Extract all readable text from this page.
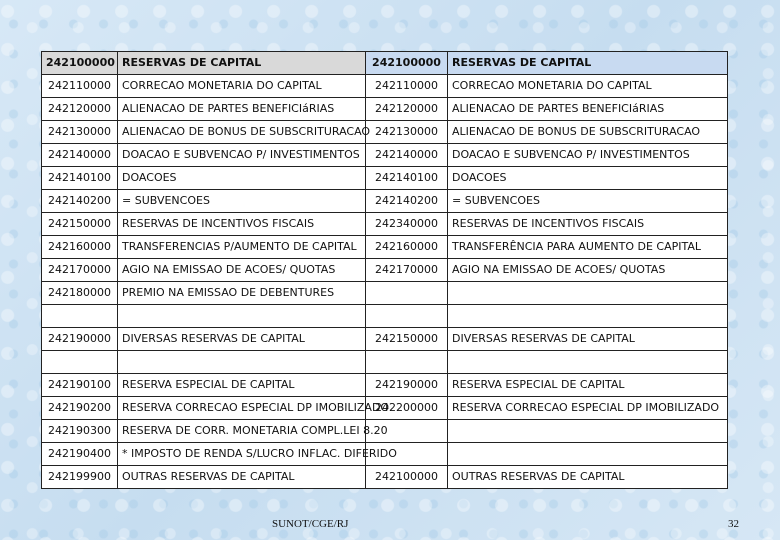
242100000	RESERVAS DE CAPITAL	242100000	RESERVAS DE CAPITAL
242110000	CORRECAO MONETARIA DO CAPITAL	242110000	CORRECAO MONETARIA DO CAPITAL
242120000	ALIENACAO DE PARTES BENEFICIáRIAS	242120000	ALIENACAO DE PARTES BENEFICIáRIAS
242130000	ALIENACAO DE BONUS DE SUBSCRITURACAO	242130000	ALIENACAO DE BONUS DE SUBSCRITURACAO
242140000	DOACAO E SUBVENCAO P/ INVESTIMENTOS	242140000	DOACAO E SUBVENCAO P/ INVESTIMENTOS
242140100	DOACOES	242140100	DOACOES
242140200	= SUBVENCOES	242140200	= SUBVENCOES
242150000	RESERVAS DE INCENTIVOS FISCAIS	242340000	RESERVAS DE INCENTIVOS FISCAIS
242160000	TRANSFERENCIAS P/AUMENTO DE CAPITAL	242160000	TRANSFERÊNCIA PARA AUMENTO DE CAPITAL
242170000	AGIO NA EMISSAO DE ACOES/ QUOTAS	242170000	AGIO NA EMISSAO DE ACOES/ QUOTAS
242180000	PREMIO NA EMISSAO DE DEBENTURES		

242190000	DIVERSAS RESERVAS DE CAPITAL	242150000	DIVERSAS RESERVAS DE CAPITAL

242190100	RESERVA ESPECIAL DE CAPITAL	242190000	RESERVA ESPECIAL DE CAPITAL
242190200	RESERVA CORRECAO ESPECIAL DP IMOBILIZADO	242200000	RESERVA CORRECAO ESPECIAL DP IMOBILIZADO
242190300	RESERVA DE CORR. MONETARIA COMPL.LEI 8.20		
242190400	* IMPOSTO DE RENDA S/LUCRO INFLAC. DIFERIDO		
242199900	OUTRAS RESERVAS DE CAPITAL	242100000	OUTRAS RESERVAS DE CAPITAL
SUNOT/CGE/RJ	32
